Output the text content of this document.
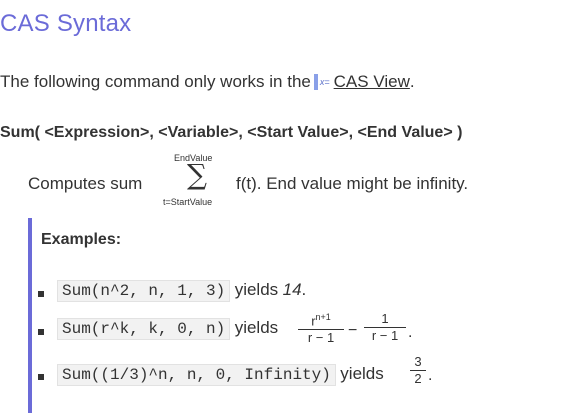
CAS Syntax
The following command only works in the x= CAS View .
Sum( <Expression>, <Variable>, <Start Value>, <End Value> )
Computes sum
EndValue
∑
t=StartValue
f(t). End value might be infinity.
Examples:
Sum(n^2, n, 1, 3) yields 14.
Sum(r^k, k, 0, n) yields	$r^{n+1}$
r − 1 −
1
r − 1 .
Sum((1/3)^n, n, 0, Infinity) yields
3
2 .
